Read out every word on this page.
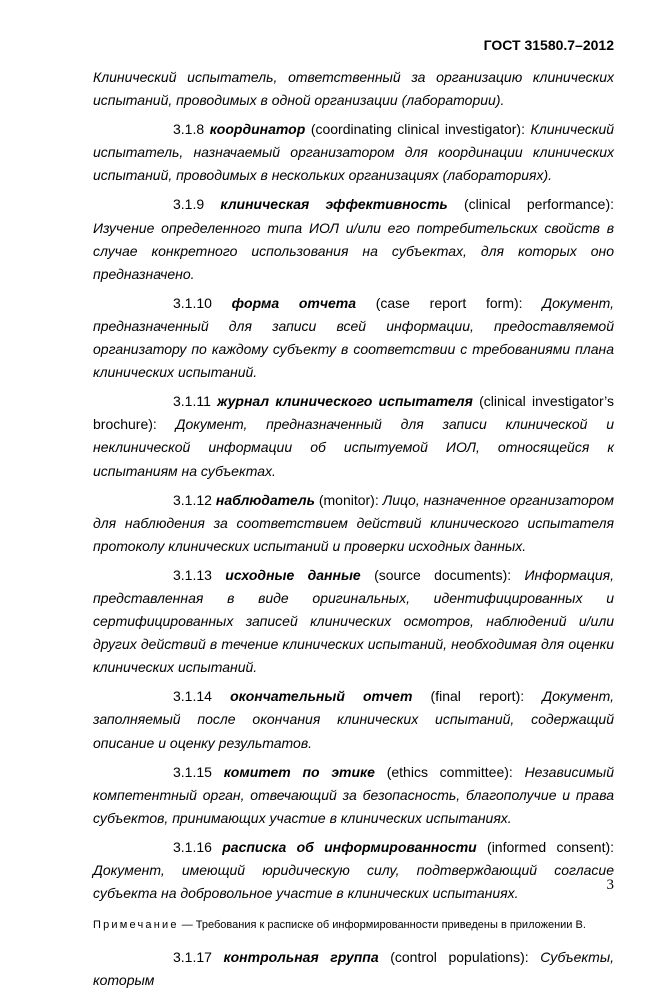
ГОСТ 31580.7–2012

Клинический испытатель, ответственный за организацию клинических испытаний, проводимых в одной организации (лаборатории).

3.1.8 координатор (coordinating clinical investigator): Клинический испытатель, назначаемый организатором для координации клинических испытаний, проводимых в нескольких организациях (лабораториях).

3.1.9 клиническая эффективность (clinical performance): Изучение определенного типа ИОЛ и/или его потребительских свойств в случае конкретного использования на субъектах, для которых оно предназначено.

3.1.10 форма отчета (case report form): Документ, предназначенный для записи всей информации, предоставляемой организатору по каждому субъекту в соответствии с требованиями плана клинических испытаний.

3.1.11 журнал клинического испытателя (clinical investigator’s brochure): Документ, предназначенный для записи клинической и неклинической информации об испытуемой ИОЛ, относящейся к испытаниям на субъектах.

3.1.12 наблюдатель (monitor): Лицо, назначенное организатором для наблюдения за соответствием действий клинического испытателя протоколу клинических испытаний и проверки исходных данных.

3.1.13 исходные данные (source documents): Информация, представленная в виде оригинальных, идентифицированных и сертифицированных записей клинических осмотров, наблюдений и/или других действий в течение клинических испытаний, необходимая для оценки клинических испытаний.

3.1.14 окончательный отчет (final report): Документ, заполняемый после окончания клинических испытаний, содержащий описание и оценку результатов.

3.1.15 комитет по этике (ethics committee): Независимый компетентный орган, отвечающий за безопасность, благополучие и права субъектов, принимающих участие в клинических испытаниях.

3.1.16 расписка об информированности (informed consent): Документ, имеющий юридическую силу, подтверждающий согласие субъекта на добровольное участие в клинических испытаниях.

Примечание — Требования к расписке об информированности приведены в приложении В.

3.1.17 контрольная группа (control populations): Субъекты, которым

3
